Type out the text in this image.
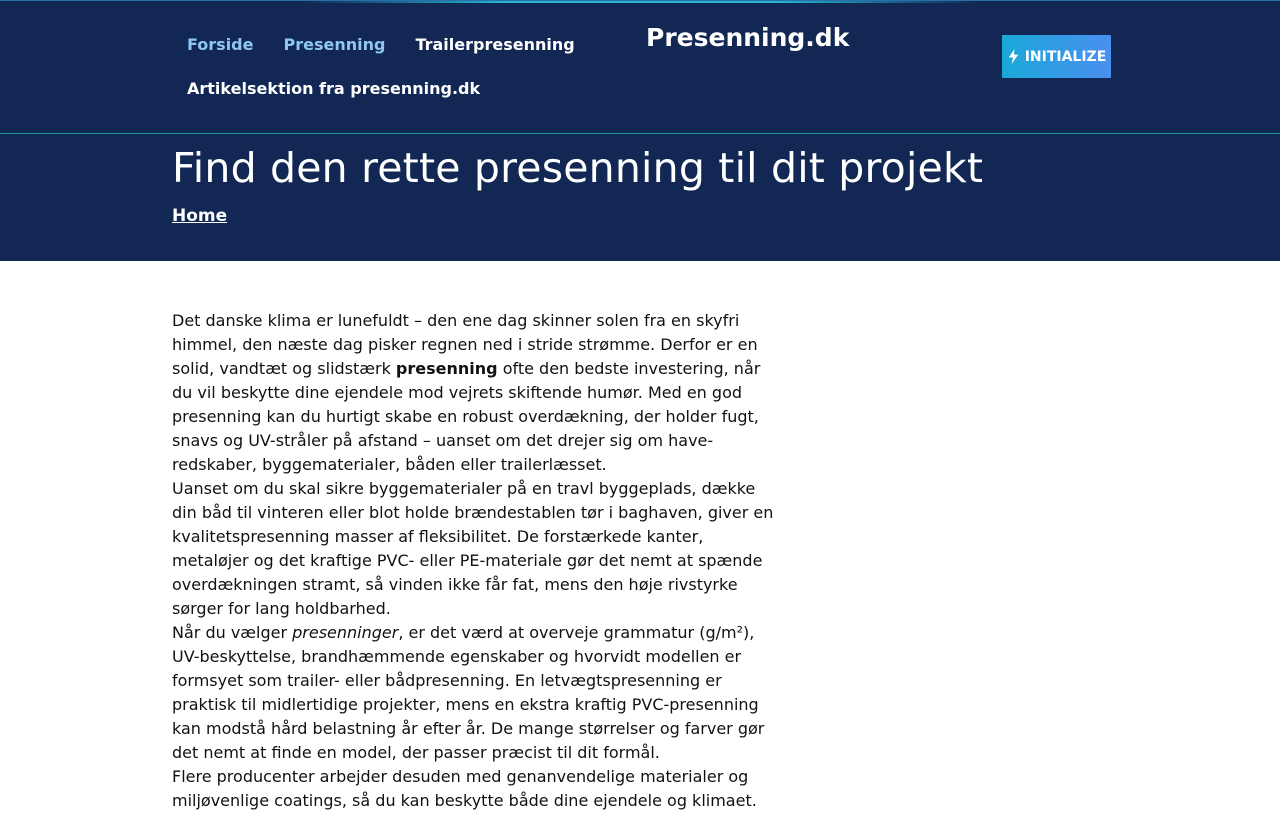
Forside	Presenning	Trailerpresenning
Artikelsektion fra presenning.dk
Presenning.dk
INITIALIZE
Find den rette presenning til dit projekt
Home

Det danske klima er lunefuldt – den ene dag skinner solen fra en skyfri himmel, den næste dag pisker regnen ned i stride strømme. Derfor er en solid, vandtæt og slidstærk presenning ofte den bedste investering, når du vil beskytte dine ejendele mod vejrets skiftende humør. Med en god presenning kan du hurtigt skabe en robust overdækning, der holder fugt, snavs og UV-stråler på afstand – uanset om det drejer sig om have-redskaber, byggematerialer, båden eller trailerlæsset.

Uanset om du skal sikre byggematerialer på en travl byggeplads, dække din båd til vinteren eller blot holde brændestablen tør i baghaven, giver en kvalitetspresenning masser af fleksibilitet. De forstærkede kanter, metaløjer og det kraftige PVC- eller PE-materiale gør det nemt at spænde overdækningen stramt, så vinden ikke får fat, mens den høje rivstyrke sørger for lang holdbarhed.

Når du vælger presenninger, er det værd at overveje grammatur (g/m²), UV-beskyttelse, brandhæmmende egenskaber og hvorvidt modellen er formsyet som trailer- eller bådpresenning. En letvægtspresenning er praktisk til midlertidige projekter, mens en ekstra kraftig PVC-presenning kan modstå hård belastning år efter år. De mange størrelser og farver gør det nemt at finde en model, der passer præcist til dit formål.

Flere producenter arbejder desuden med genanvendelige materialer og miljøvenlige coatings, så du kan beskytte både dine ejendele og klimaet.
